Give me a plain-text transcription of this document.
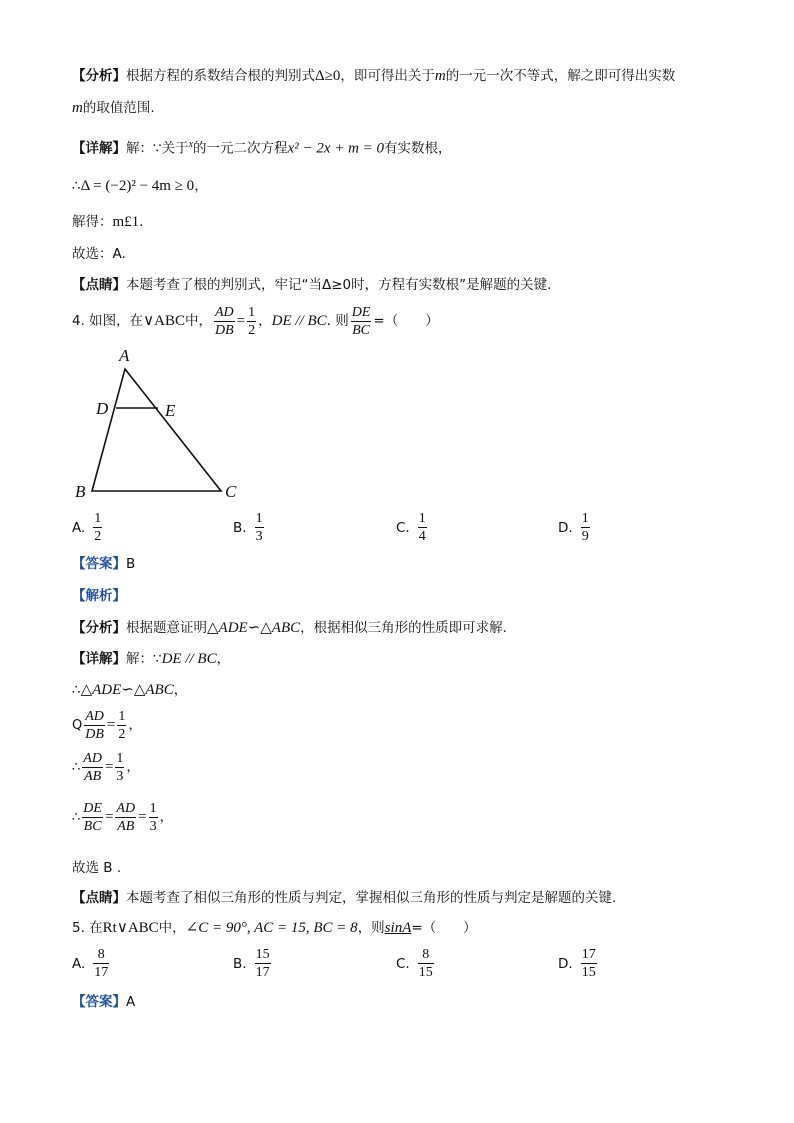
【分析】根据方程的系数结合根的判别式Δ≥0，即可得出关于m的一元一次不等式，解之即可得出实数
m的取值范围.
【详解】解：∵关于$^x$的一元二次方程x² − 2x + m = 0有实数根，
∴Δ = (−2)² − 4m ≥ 0，
解得：m£1.
故选：A.
【点睛】本题考查了根的判别式，牢记“当Δ≥0时，方程有实数根”是解题的关键.
4. 如图，在∨ABC中， $\frac{AD}{DB} = \frac{1}{2}$ ，DE // BC. 则 $\frac{DE}{BC}$ =（　　）
A
D	E
B	C
A. $\frac{1}{2}$	B. $\frac{1}{3}$	C. $\frac{1}{4}$	D. $\frac{1}{9}$
【答案】B
【解析】
【分析】根据题意证明△ADE∽△ABC，根据相似三角形的性质即可求解.
【详解】解：∵DE // BC，
∴△ADE∽△ABC，
Q $\frac{AD}{DB} = \frac{1}{2}$ ，
∴ $\frac{AD}{AB} = \frac{1}{3}$ ，
∴ $\frac{DE}{BC} = \frac{AD}{AB} = \frac{1}{3}$ ，
故选 B .
【点睛】本题考查了相似三角形的性质与判定，掌握相似三角形的性质与判定是解题的关键.
5. 在Rt∨ABC中，∠C = 90°, AC = 15, BC = 8，则sinA=（　　）
A. $\frac{8}{17}$	B. $\frac{15}{17}$	C. $\frac{8}{15}$	D. $\frac{17}{15}$
【答案】A
